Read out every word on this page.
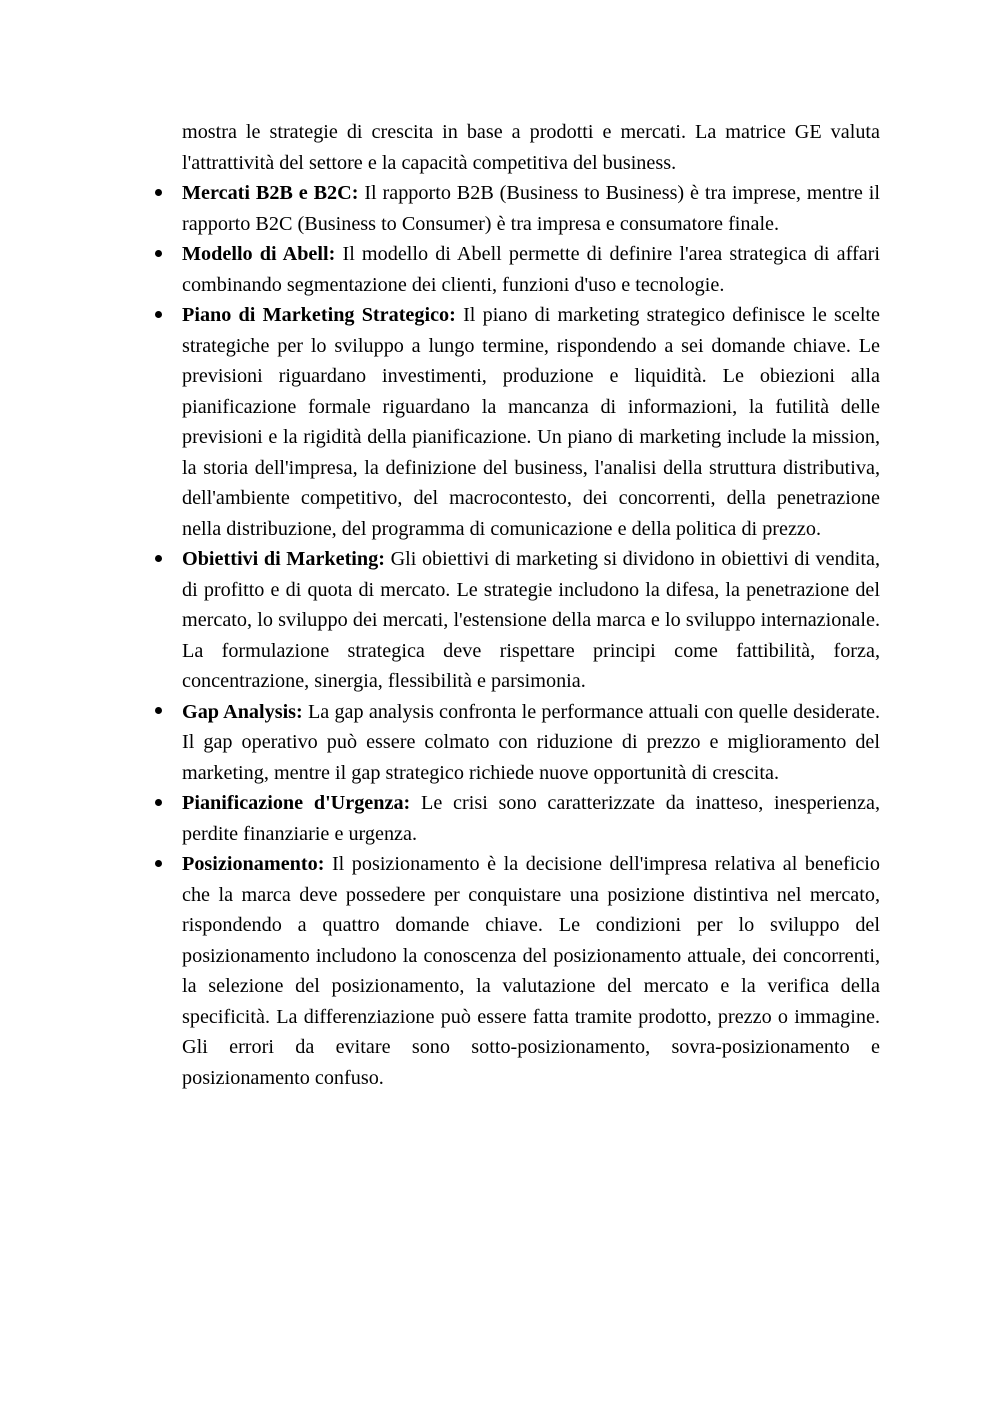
mostra le strategie di crescita in base a prodotti e mercati. La matrice GE valuta l'attrattività del settore e la capacità competitiva del business.

Mercati B2B e B2C: Il rapporto B2B (Business to Business) è tra imprese, mentre il rapporto B2C (Business to Consumer) è tra impresa e consumatore finale.
Modello di Abell: Il modello di Abell permette di definire l'area strategica di affari combinando segmentazione dei clienti, funzioni d'uso e tecnologie.
Piano di Marketing Strategico: Il piano di marketing strategico definisce le scelte strategiche per lo sviluppo a lungo termine, rispondendo a sei domande chiave. Le previsioni riguardano investimenti, produzione e liquidità. Le obiezioni alla pianificazione formale riguardano la mancanza di informazioni, la futilità delle previsioni e la rigidità della pianificazione. Un piano di marketing include la mission, la storia dell'impresa, la definizione del business, l'analisi della struttura distributiva, dell'ambiente competitivo, del macrocontesto, dei concorrenti, della penetrazione nella distribuzione, del programma di comunicazione e della politica di prezzo.
Obiettivi di Marketing: Gli obiettivi di marketing si dividono in obiettivi di vendita, di profitto e di quota di mercato. Le strategie includono la difesa, la penetrazione del mercato, lo sviluppo dei mercati, l'estensione della marca e lo sviluppo internazionale. La formulazione strategica deve rispettare principi come fattibilità, forza, concentrazione, sinergia, flessibilità e parsimonia.
Gap Analysis: La gap analysis confronta le performance attuali con quelle desiderate. Il gap operativo può essere colmato con riduzione di prezzo e miglioramento del marketing, mentre il gap strategico richiede nuove opportunità di crescita.
Pianificazione d'Urgenza: Le crisi sono caratterizzate da inatteso, inesperienza, perdite finanziarie e urgenza.
Posizionamento: Il posizionamento è la decisione dell'impresa relativa al beneficio che la marca deve possedere per conquistare una posizione distintiva nel mercato, rispondendo a quattro domande chiave. Le condizioni per lo sviluppo del posizionamento includono la conoscenza del posizionamento attuale, dei concorrenti, la selezione del posizionamento, la valutazione del mercato e la verifica della specificità. La differenziazione può essere fatta tramite prodotto, prezzo o immagine. Gli errori da evitare sono sotto-posizionamento, sovra-posizionamento e posizionamento confuso.
